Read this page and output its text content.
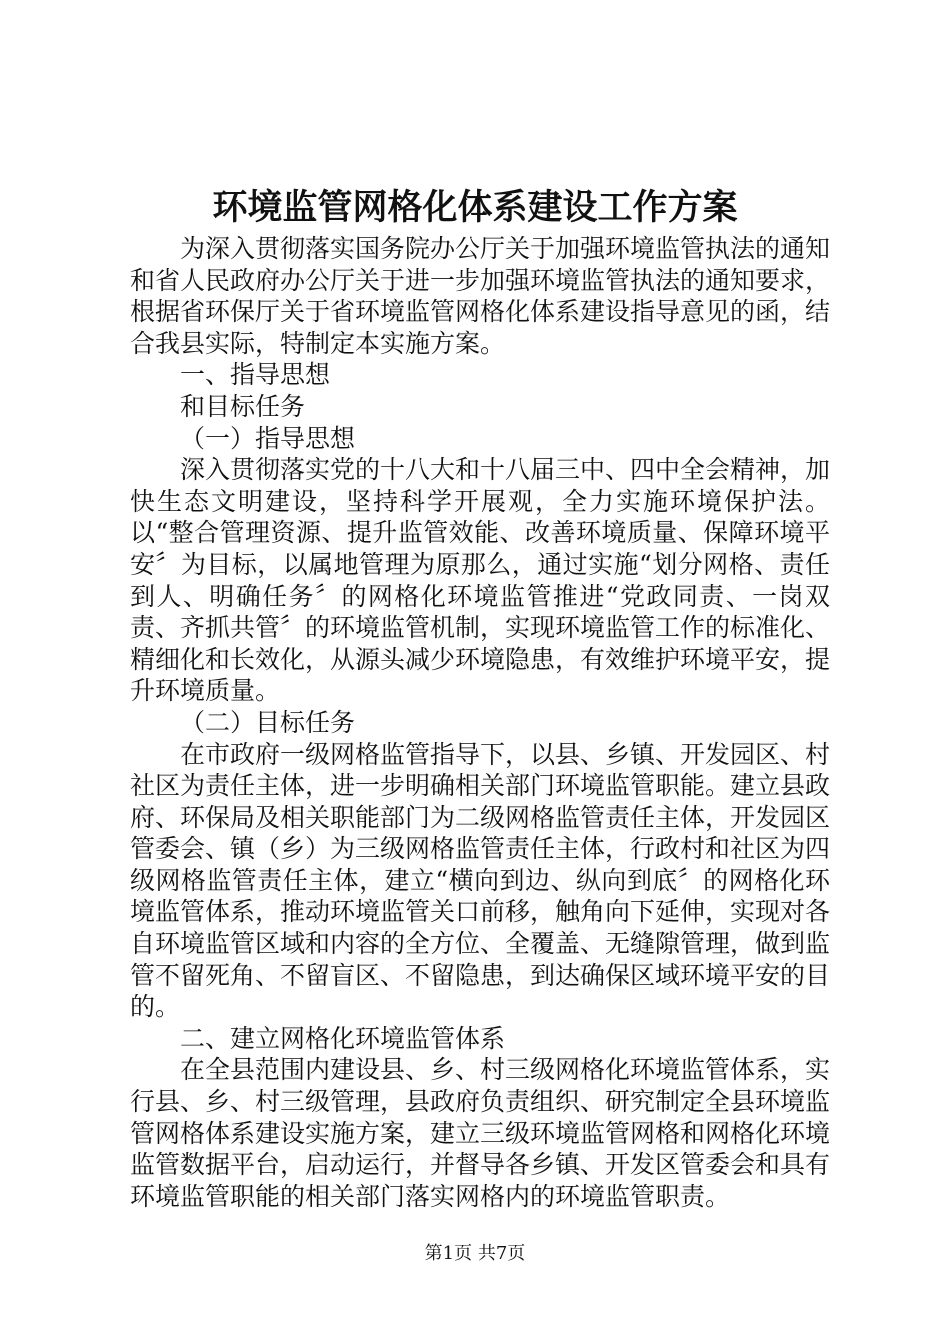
环境监管网格化体系建设工作方案

为深入贯彻落实国务院办公厅关于加强环境监管执法的通知和省人民政府办公厅关于进一步加强环境监管执法的通知要求，根据省环保厅关于省环境监管网格化体系建设指导意见的函，结合我县实际，特制定本实施方案。

一、指导思想

和目标任务

（一）指导思想

深入贯彻落实党的十八大和十八届三中、四中全会精神，加快生态文明建设，坚持科学开展观，全力实施环境保护法。以“整合管理资源、提升监管效能、改善环境质量、保障环境平安〞为目标，以属地管理为原那么，通过实施“划分网格、责任到人、明确任务〞的网格化环境监管推进“党政同责、一岗双责、齐抓共管〞的环境监管机制，实现环境监管工作的标准化、精细化和长效化，从源头减少环境隐患，有效维护环境平安，提升环境质量。

（二）目标任务

在市政府一级网格监管指导下，以县、乡镇、开发园区、村社区为责任主体，进一步明确相关部门环境监管职能。建立县政府、环保局及相关职能部门为二级网格监管责任主体，开发园区管委会、镇（乡）为三级网格监管责任主体，行政村和社区为四级网格监管责任主体，建立“横向到边、纵向到底〞的网格化环境监管体系，推动环境监管关口前移，触角向下延伸，实现对各自环境监管区域和内容的全方位、全覆盖、无缝隙管理，做到监管不留死角、不留盲区、不留隐患，到达确保区域环境平安的目的。

二、建立网格化环境监管体系

在全县范围内建设县、乡、村三级网格化环境监管体系，实行县、乡、村三级管理，县政府负责组织、研究制定全县环境监管网格体系建设实施方案，建立三级环境监管网格和网格化环境监管数据平台，启动运行，并督导各乡镇、开发区管委会和具有环境监管职能的相关部门落实网格内的环境监管职责。

第1页 共7页
